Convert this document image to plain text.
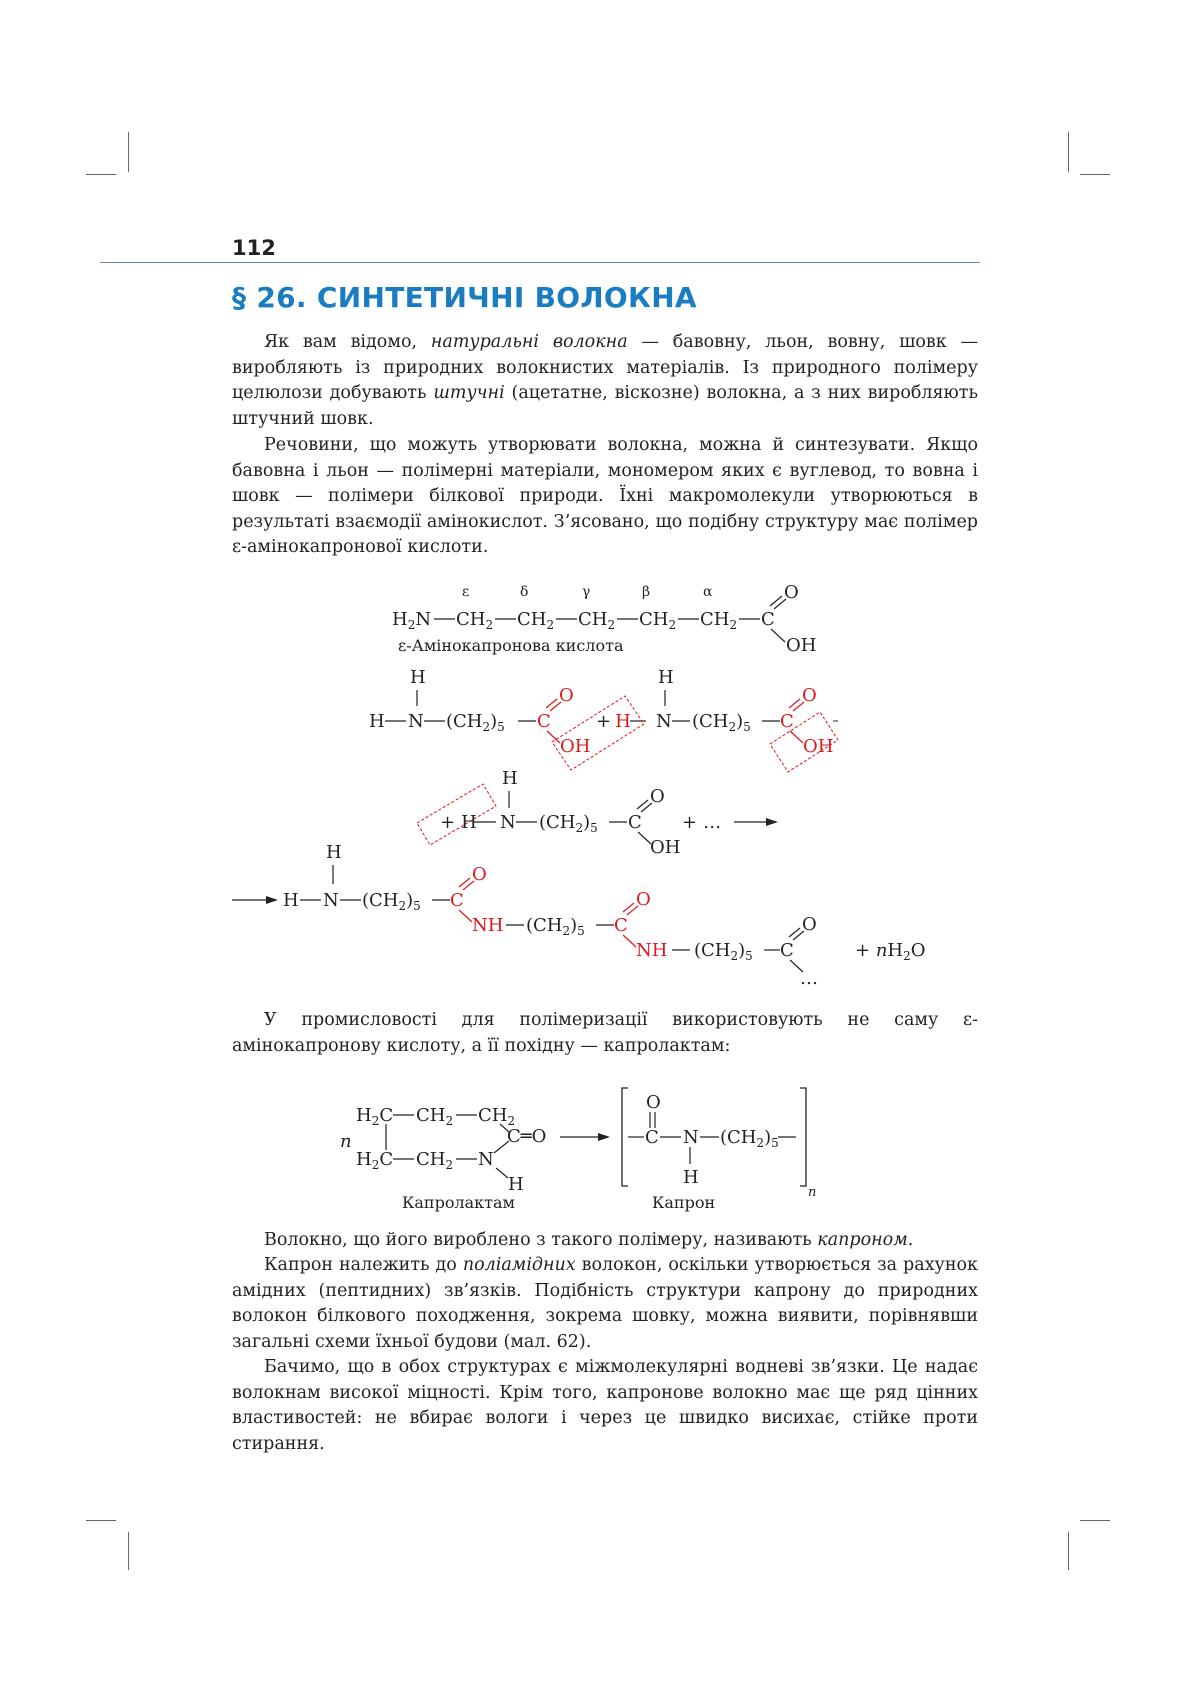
112
§ 26. СИНТЕТИЧНІ ВОЛОКНА

Як вам відомо, натуральні волокна — бавовну, льон, вовну, шовк — виробляють із природних волокнистих матеріалів. Із природного полімеру целюлози добувають штучні (ацетатне, віскозне) волокна, а з них виробляють штучний шовк.

Речовини, що можуть утворювати волокна, можна й синтезувати. Якщо бавовна і льон — полімерні матеріали, мономером яких є вуглевод, то вовна і шовк — полімери білкової природи. Їхні макромолекули утворюються в результаті взаємодії амінокислот. З’ясовано, що подібну структуру має полімер ε-амінокапронової кислоти.

ε	δ	γ	β	α
$H_2N$ $CH_2$ $CH_2$ $CH_2$ $CH_2$ $CH_2$ C
O
OH
ε-Амінокапронова кислота
H
H N $(CH_2)_5$ C
O
OH
+ H
H
N $(CH_2)_5$ C
O
OH
H
+ H N $(CH_2)_5$ C
O
OH
+ …
H
H N $(CH_2)_5$ C
O
NH $(CH_2)_5$ C
O
NH $(CH_2)_5$ C
O
…
+ $nH_2O$

У промисловості для полімеризації використовують не саму ε-амінокапронову кислоту, а її похідну — капролактам:

$H_2C$ $CH_2$ $CH_2$
n	C═O
$H_2C$ $CH_2$ N
H	n
O
C N
H
$(CH_2)_5$
Капролактам	Капрон

Волокно, що його вироблено з такого полімеру, називають капроном.

Капрон належить до поліамідних волокон, оскільки утворюється за рахунок амідних (пептидних) зв’язків. Подібність структури капрону до природних волокон білкового походження, зокрема шовку, можна виявити, порівнявши загальні схеми їхньої будови (мал. 62).

Бачимо, що в обох структурах є міжмолекулярні водневі зв’язки. Це надає волокнам високої міцності. Крім того, капронове волокно має ще ряд цінних властивостей: не вбирає вологи і через це швидко висихає, стійке проти стирання.
